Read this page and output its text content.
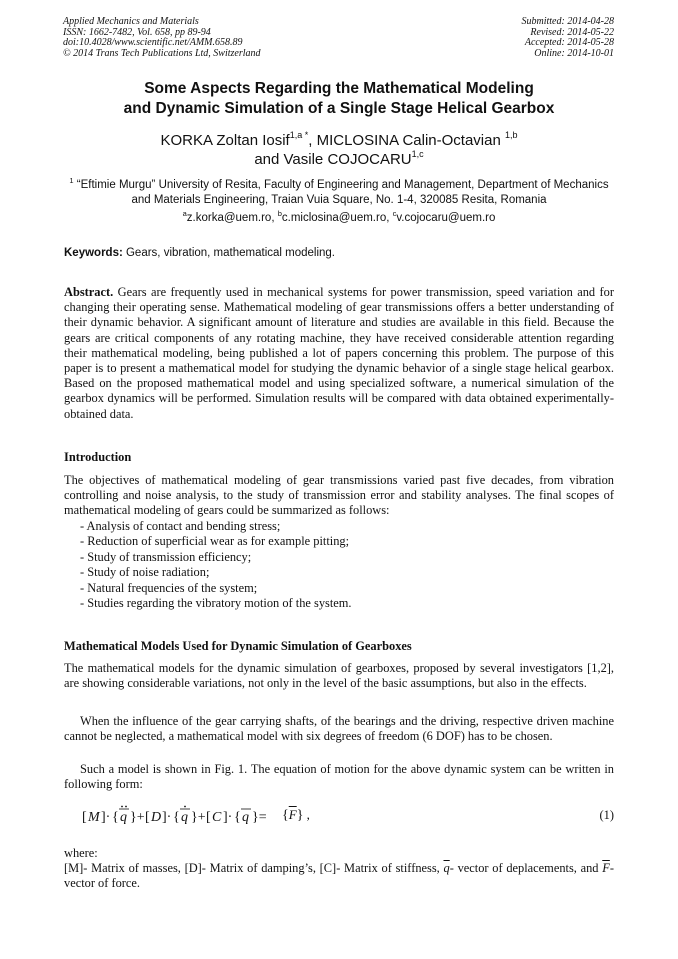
Applied Mechanics and Materials
ISSN: 1662-7482, Vol. 658, pp 89-94
doi:10.4028/www.scientific.net/AMM.658.89
© 2014 Trans Tech Publications Ltd, Switzerland
Submitted: 2014-04-28
Revised: 2014-05-22
Accepted: 2014-05-28
Online: 2014-10-01
Some Aspects Regarding the Mathematical Modeling
and Dynamic Simulation of a Single Stage Helical Gearbox
KORKA Zoltan Iosif$^{1,a *}$, MICLOSINA Calin-Octavian $^{1,b}$
and Vasile COJOCARU$^{1,c}$
$^1$ “Eftimie Murgu” University of Resita, Faculty of Engineering and Management, Department of Mechanics and Materials Engineering, Traian Vuia Square, No. 1-4, 320085 Resita, Romania
$^a$z.korka@uem.ro, $^b$c.miclosina@uem.ro, $^c$v.cojocaru@uem.ro
Keywords: Gears, vibration, mathematical modeling.
Abstract. Gears are frequently used in mechanical systems for power transmission, speed variation and for changing their operating sense. Mathematical modeling of gear transmissions offers a better understanding of their dynamic behavior. A significant amount of literature and studies are available in this field. Because the gears are critical components of any rotating machine, they have received considerable attention regarding their mathematical modeling, being published a lot of papers concerning this problem. The purpose of this paper is to present a mathematical model for studying the dynamic behavior of a single stage helical gearbox. Based on the proposed mathematical model and using specialized software, a numerical simulation of the gearbox dynamics will be performed. Simulation results will be compared with data obtained experimentally- obtained data.
Introduction
The objectives of mathematical modeling of gear transmissions varied past five decades, from vibration controlling and noise analysis, to the study of transmission error and stability analyses. The final scopes of mathematical modeling of gears could be summarized as follows:
- Analysis of contact and bending stress;
- Reduction of superficial wear as for example pitting;
- Study of transmission efficiency;
- Study of noise radiation;
- Natural frequencies of the system;
- Studies regarding the vibratory motion of the system.
Mathematical Models Used for Dynamic Simulation of Gearboxes
The mathematical models for the dynamic simulation of gearboxes, proposed by several investigators [1,2], are showing considerable variations, not only in the level of the basic assumptions, but also in the effects.
When the influence of the gear carrying shafts, of the bearings and the driving, respective driven machine cannot be neglected, a mathematical model with six degrees of freedom (6 DOF) has to be chosen.
Such a model is shown in Fig. 1. The equation of motion for the above dynamic system can be written in following form:
[ M ]· { q }+ [ D ]· { q }+ [ C ]· { q }= $\{\overline{F}\}$ ,	(1)
where:
[M]- Matrix of masses, [D]- Matrix of damping’s, [C]- Matrix of stiffness, $\overline{q}-$ vector of deplacements, and $\overline{F}$-vector of force.
